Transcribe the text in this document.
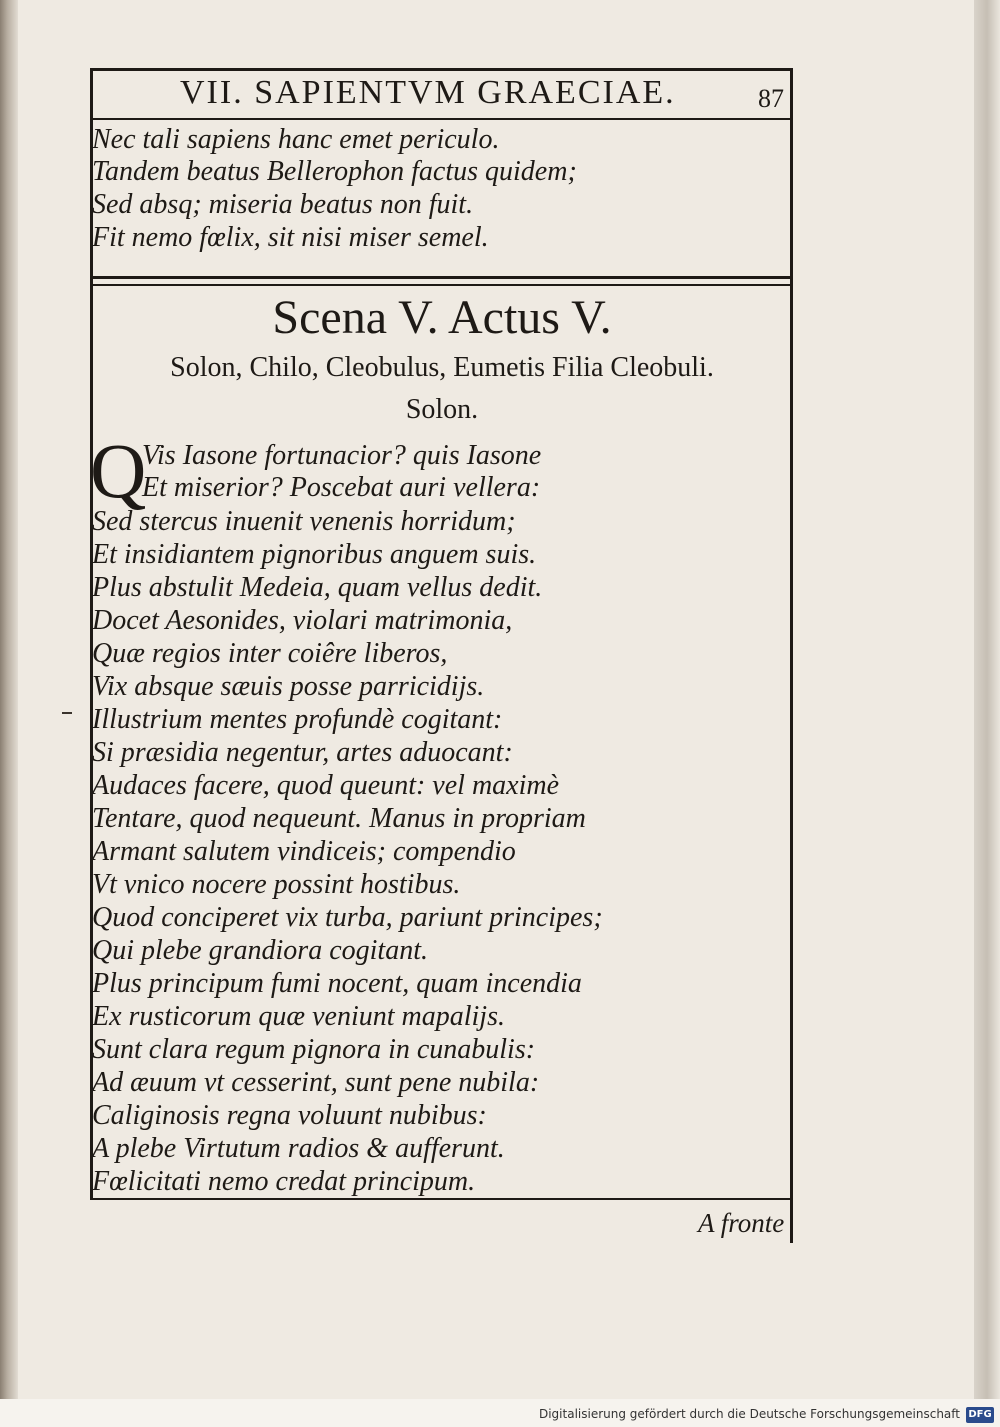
VII. SAPIENTVM GRAECIAE.	87
Nec tali sapiens hanc emet periculo.
Tandem beatus Bellerophon factus quidem;
Sed absq; miseria beatus non fuit.
Fit nemo fœlix, sit nisi miser semel.
Scena V. Actus V.
Solon, Chilo, Cleobulus, Eumetis Filia Cleobuli.
Solon.
Q
Vis Iasone fortunacior? quis Iasone
Et miserior? Poscebat auri vellera:
Sed stercus inuenit venenis horridum;
Et insidiantem pignoribus anguem suis.
Plus abstulit Medeia, quam vellus dedit.
Docet Aesonides, violari matrimonia,
Quæ regios inter coiêre liberos,
Vix absque sæuis posse parricidijs.
Illustrium mentes profundè cogitant:
Si præsidia negentur, artes aduocant:
Audaces facere, quod queunt: vel maximè
Tentare, quod nequeunt. Manus in propriam
Armant salutem vindiceis; compendio
Vt vnico nocere possint hostibus.
Quod conciperet vix turba, pariunt principes;
Qui plebe grandiora cogitant.
Plus principum fumi nocent, quam incendia
Ex rusticorum quæ veniunt mapalijs.
Sunt clara regum pignora in cunabulis:
Ad æuum vt cesserint, sunt pene nubila:
Caliginosis regna voluunt nubibus:
A plebe Virtutum radios & aufferunt.
Fœlicitati nemo credat principum.
A fronte
Digitalisierung gefördert durch die Deutsche Forschungsgemeinschaft DFG
